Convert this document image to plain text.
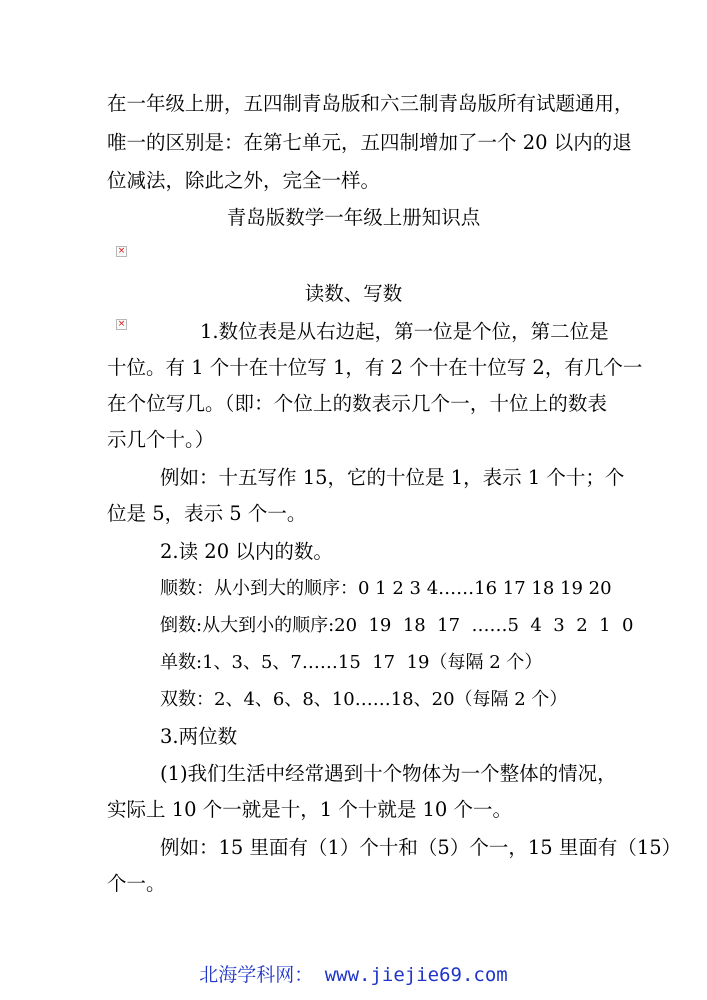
在一年级上册，五四制青岛版和六三制青岛版所有试题通用，
唯一的区别是：在第七单元，五四制增加了一个 20 以内的退
位减法，除此之外，完全一样。
青岛版数学一年级上册知识点
×
读数、写数
×	1.数位表是从右边起，第一位是个位，第二位是
十位。有 1 个十在十位写 1，有 2 个十在十位写 2，有几个一
在个位写几。（即：个位上的数表示几个一，十位上的数表
示几个十。）
例如：十五写作 15，它的十位是 1，表示 1 个十；个
位是 5，表示 5 个一。
2.读 20 以内的数。
顺数：从小到大的顺序：0 1 2 3 4……16 17 18 19 20
倒数:从大到小的顺序:20  19  18  17  ……5  4  3  2  1  0
单数:1、3、5、7……15  17  19（每隔 2 个）
双数：2、4、6、8、10……18、20（每隔 2 个）
3.两位数
(1)我们生活中经常遇到十个物体为一个整体的情况，
实际上 10 个一就是十，1 个十就是 10 个一。
例如：15 里面有（1）个十和（5）个一，15 里面有（15）
个一。
北海学科网： www.jiejie69.com
